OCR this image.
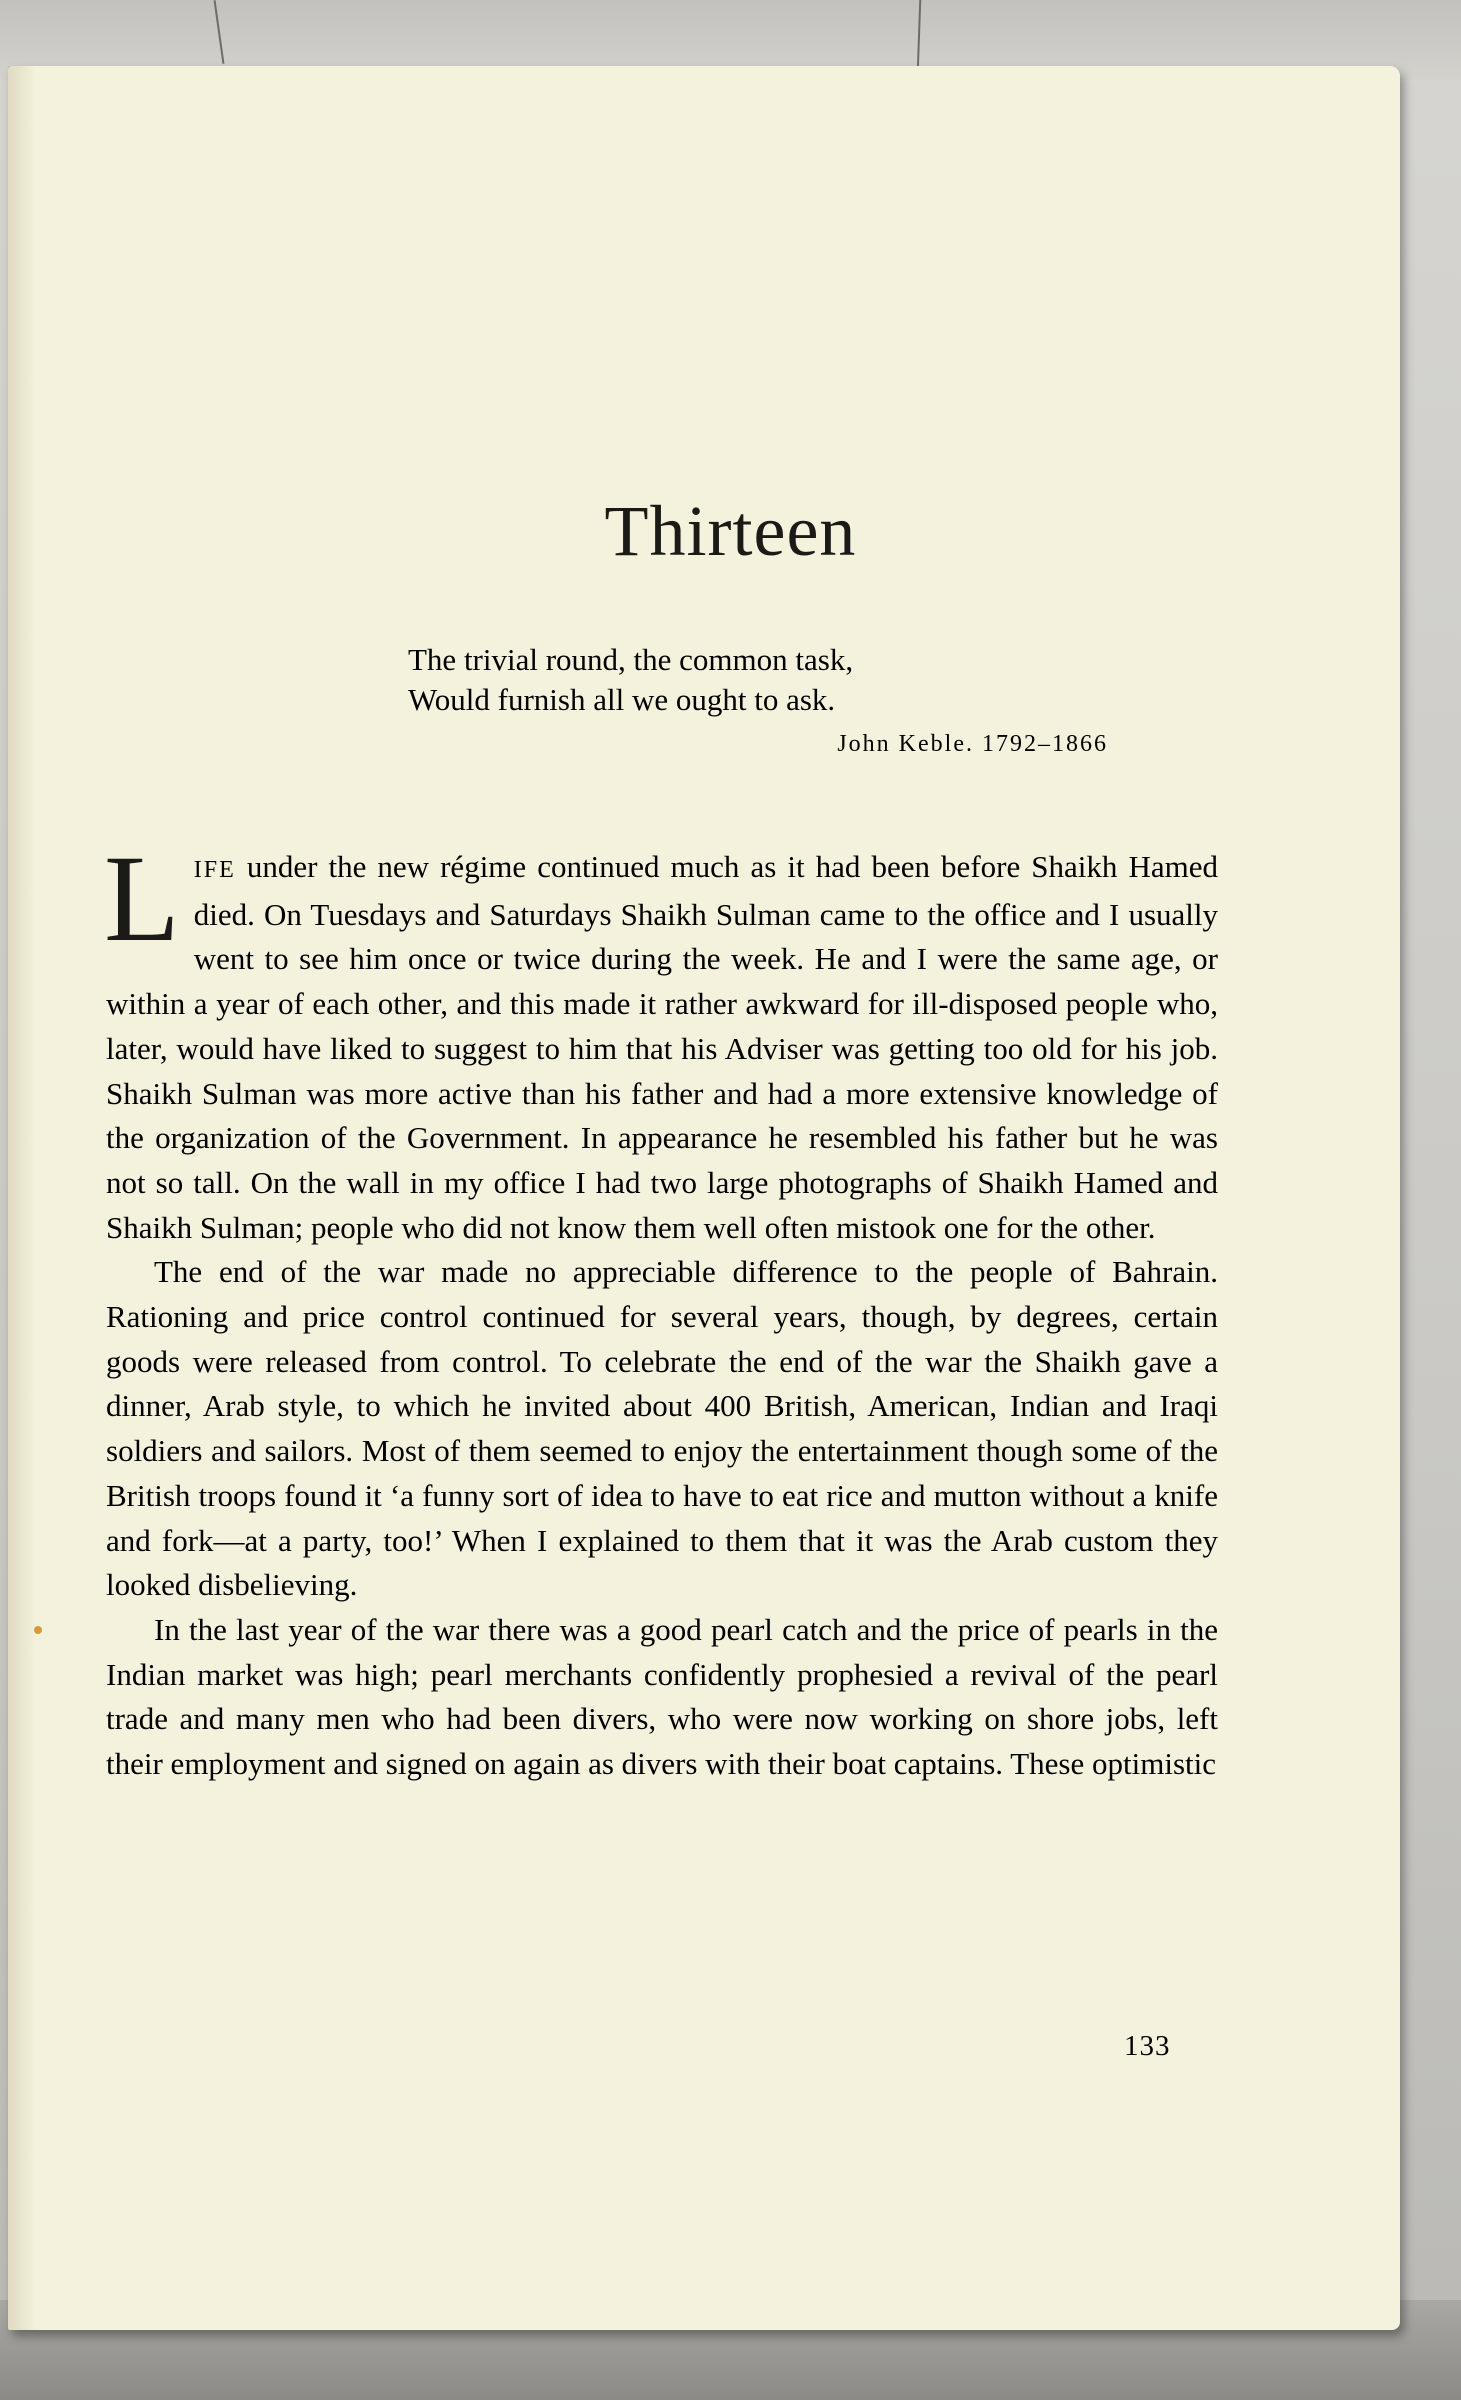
Thirteen
The trivial round, the common task,
Would furnish all we ought to ask.
John Keble. 1792–1866

LIFE under the new régime continued much as it had been before Shaikh Hamed died. On Tuesdays and Saturdays Shaikh Sulman came to the office and I usually went to see him once or twice during the week. He and I were the same age, or within a year of each other, and this made it rather awkward for ill-disposed people who, later, would have liked to suggest to him that his Adviser was getting too old for his job. Shaikh Sulman was more active than his father and had a more extensive knowledge of the organization of the Government. In appearance he resembled his father but he was not so tall. On the wall in my office I had two large photographs of Shaikh Hamed and Shaikh Sulman; people who did not know them well often mistook one for the other.

The end of the war made no appreciable difference to the people of Bahrain. Rationing and price control continued for several years, though, by degrees, certain goods were released from control. To celebrate the end of the war the Shaikh gave a dinner, Arab style, to which he invited about 400 British, American, Indian and Iraqi soldiers and sailors. Most of them seemed to enjoy the entertainment though some of the British troops found it ‘a funny sort of idea to have to eat rice and mutton without a knife and fork—at a party, too!’ When I explained to them that it was the Arab custom they looked disbelieving.

In the last year of the war there was a good pearl catch and the price of pearls in the Indian market was high; pearl merchants confidently prophesied a revival of the pearl trade and many men who had been divers, who were now working on shore jobs, left their employment and signed on again as divers with their boat captains. These optimistic

133
